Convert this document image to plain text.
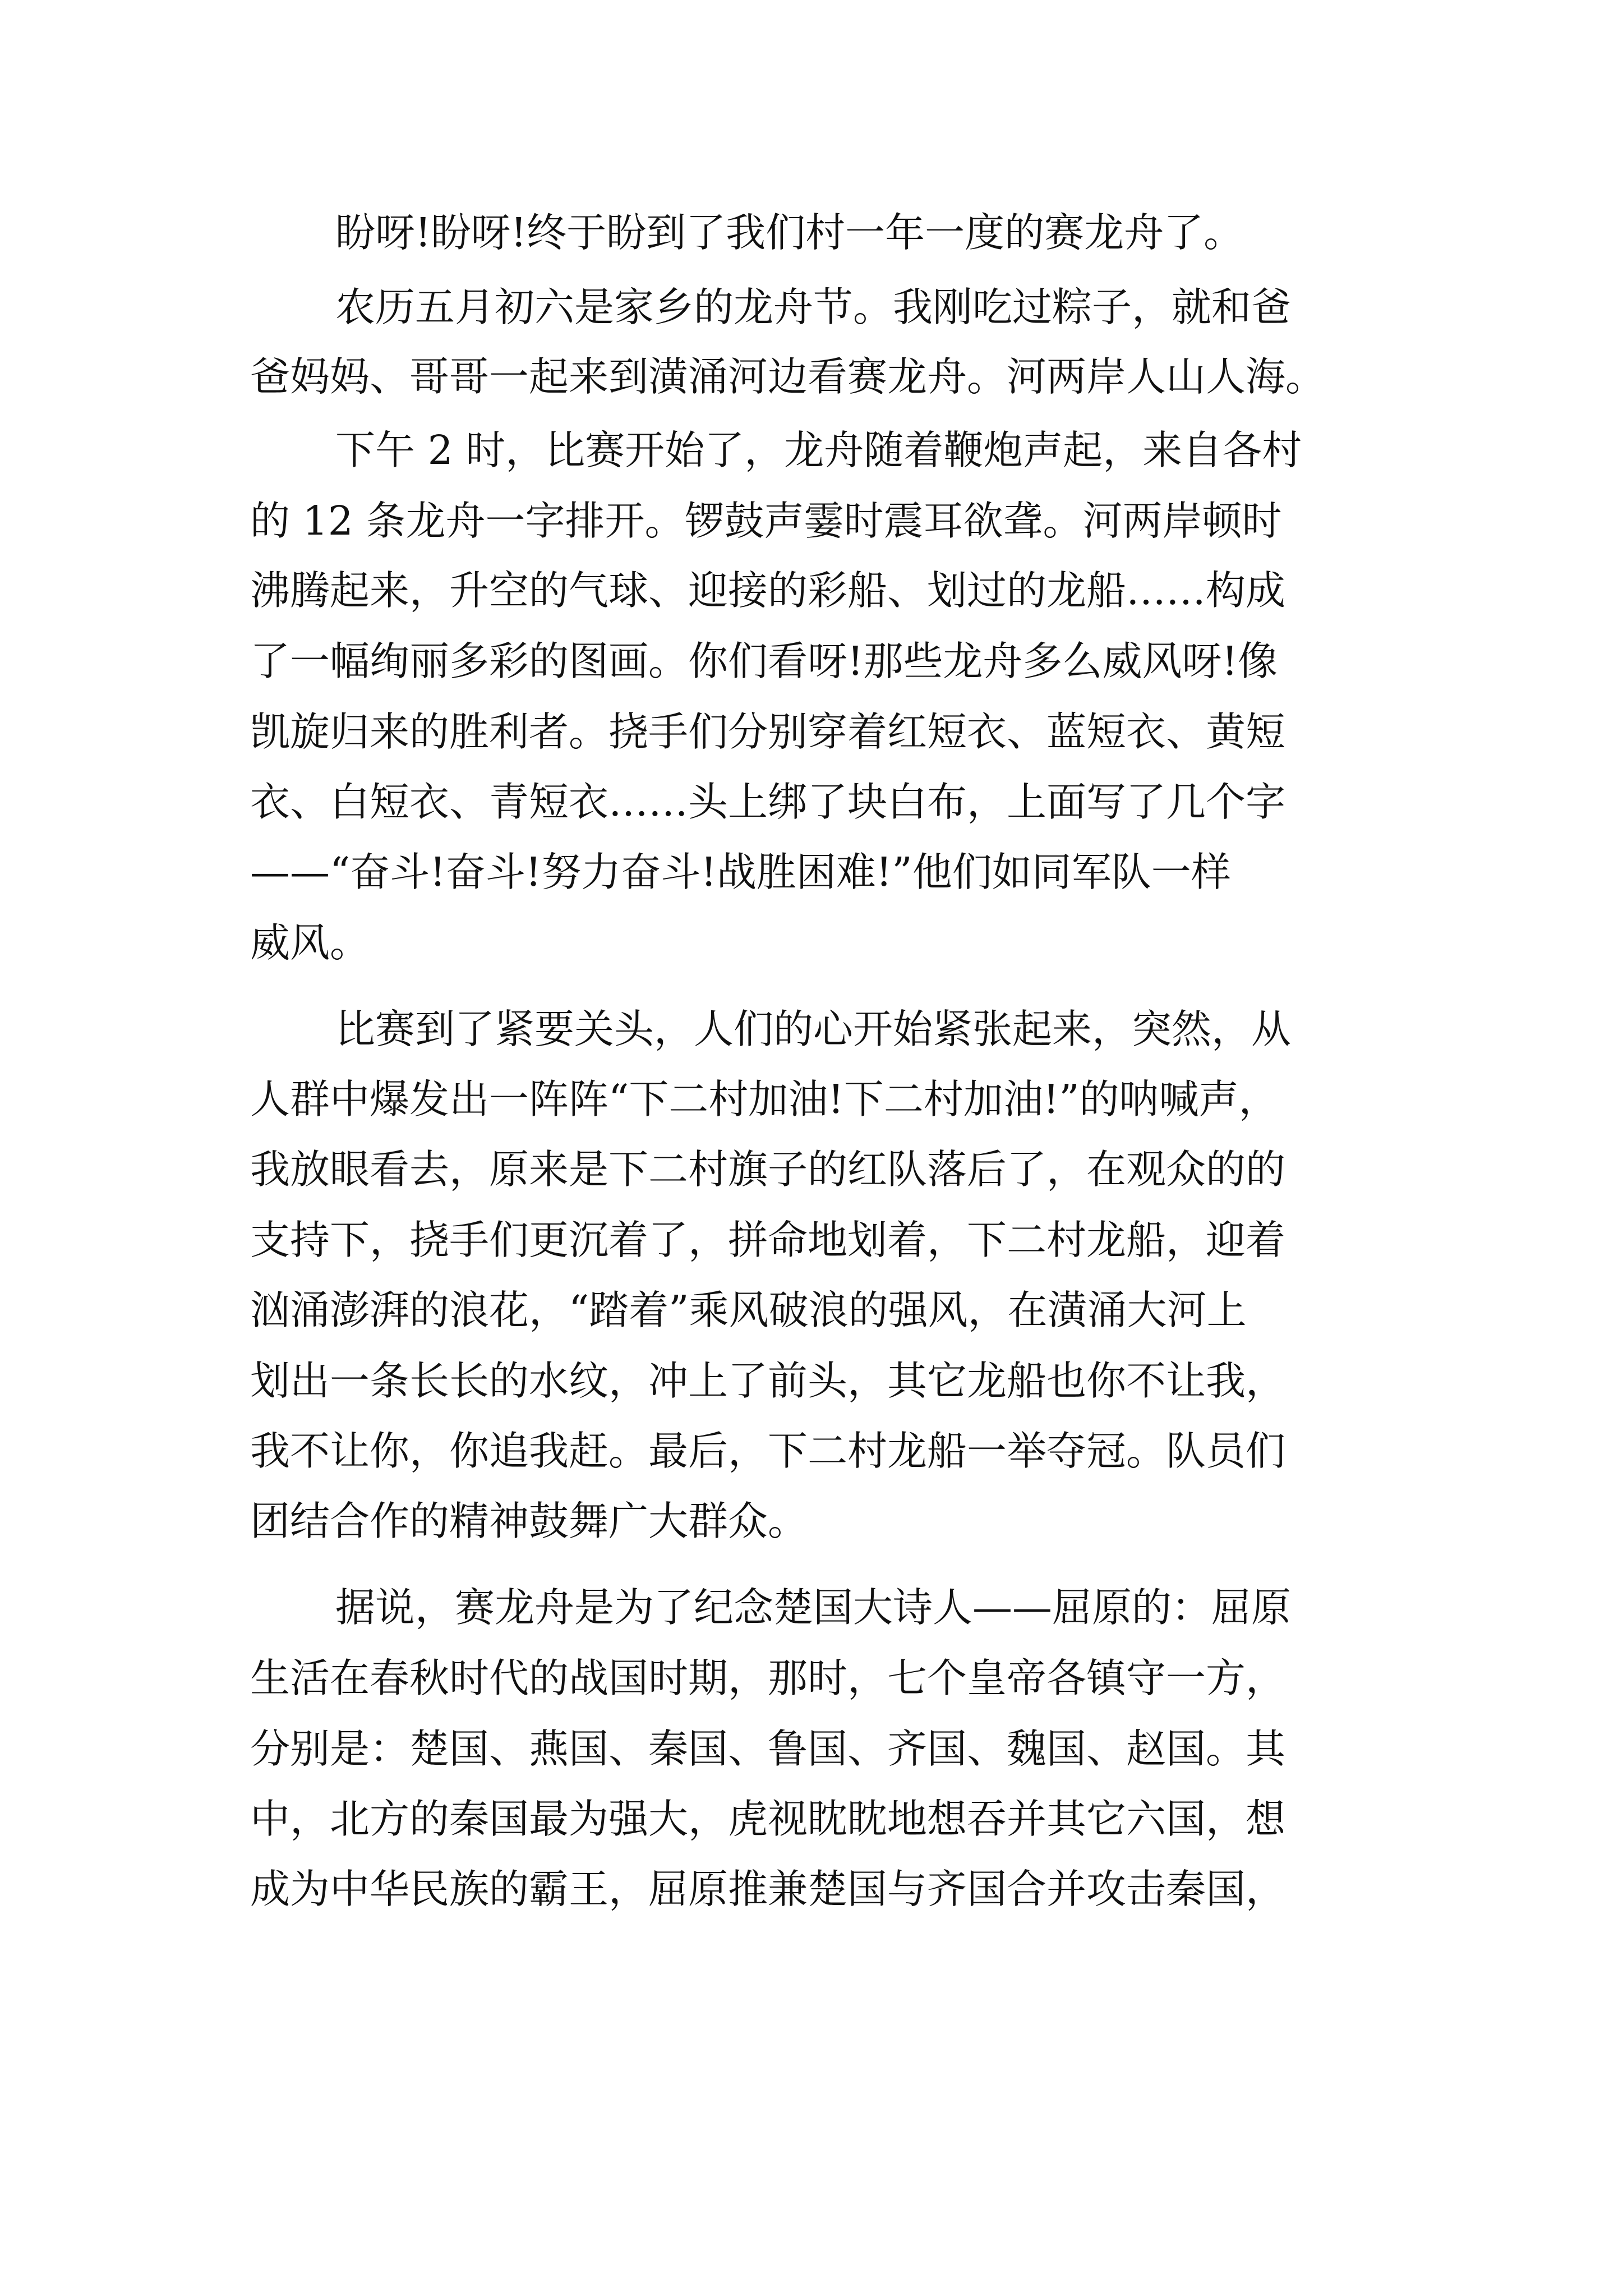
盼呀!盼呀!终于盼到了我们村一年一度的赛龙舟了。
农历五月初六是家乡的龙舟节。我刚吃过粽子，就和爸
爸妈妈、哥哥一起来到潢涌河边看赛龙舟。河两岸人山人海。
下午 2 时，比赛开始了，龙舟随着鞭炮声起，来自各村
的 12 条龙舟一字排开。锣鼓声霎时震耳欲聋。河两岸顿时
沸腾起来，升空的气球、迎接的彩船、划过的龙船……构成
了一幅绚丽多彩的图画。你们看呀!那些龙舟多么威风呀!像
凯旋归来的胜利者。挠手们分别穿着红短衣、蓝短衣、黄短
衣、白短衣、青短衣……头上绑了块白布，上面写了几个字
——“奋斗!奋斗!努力奋斗!战胜困难!”他们如同军队一样
威风。
比赛到了紧要关头，人们的心开始紧张起来，突然，从
人群中爆发出一阵阵“下二村加油!下二村加油!”的呐喊声，
我放眼看去，原来是下二村旗子的红队落后了，在观众的的
支持下，挠手们更沉着了，拼命地划着，下二村龙船，迎着
汹涌澎湃的浪花，“踏着”乘风破浪的强风，在潢涌大河上
划出一条长长的水纹，冲上了前头，其它龙船也你不让我，
我不让你，你追我赶。最后，下二村龙船一举夺冠。队员们
团结合作的精神鼓舞广大群众。
据说，赛龙舟是为了纪念楚国大诗人——屈原的：屈原
生活在春秋时代的战国时期，那时，七个皇帝各镇守一方，
分别是：楚国、燕国、秦国、鲁国、齐国、魏国、赵国。其
中，北方的秦国最为强大，虎视眈眈地想吞并其它六国，想
成为中华民族的霸王，屈原推兼楚国与齐国合并攻击秦国，
